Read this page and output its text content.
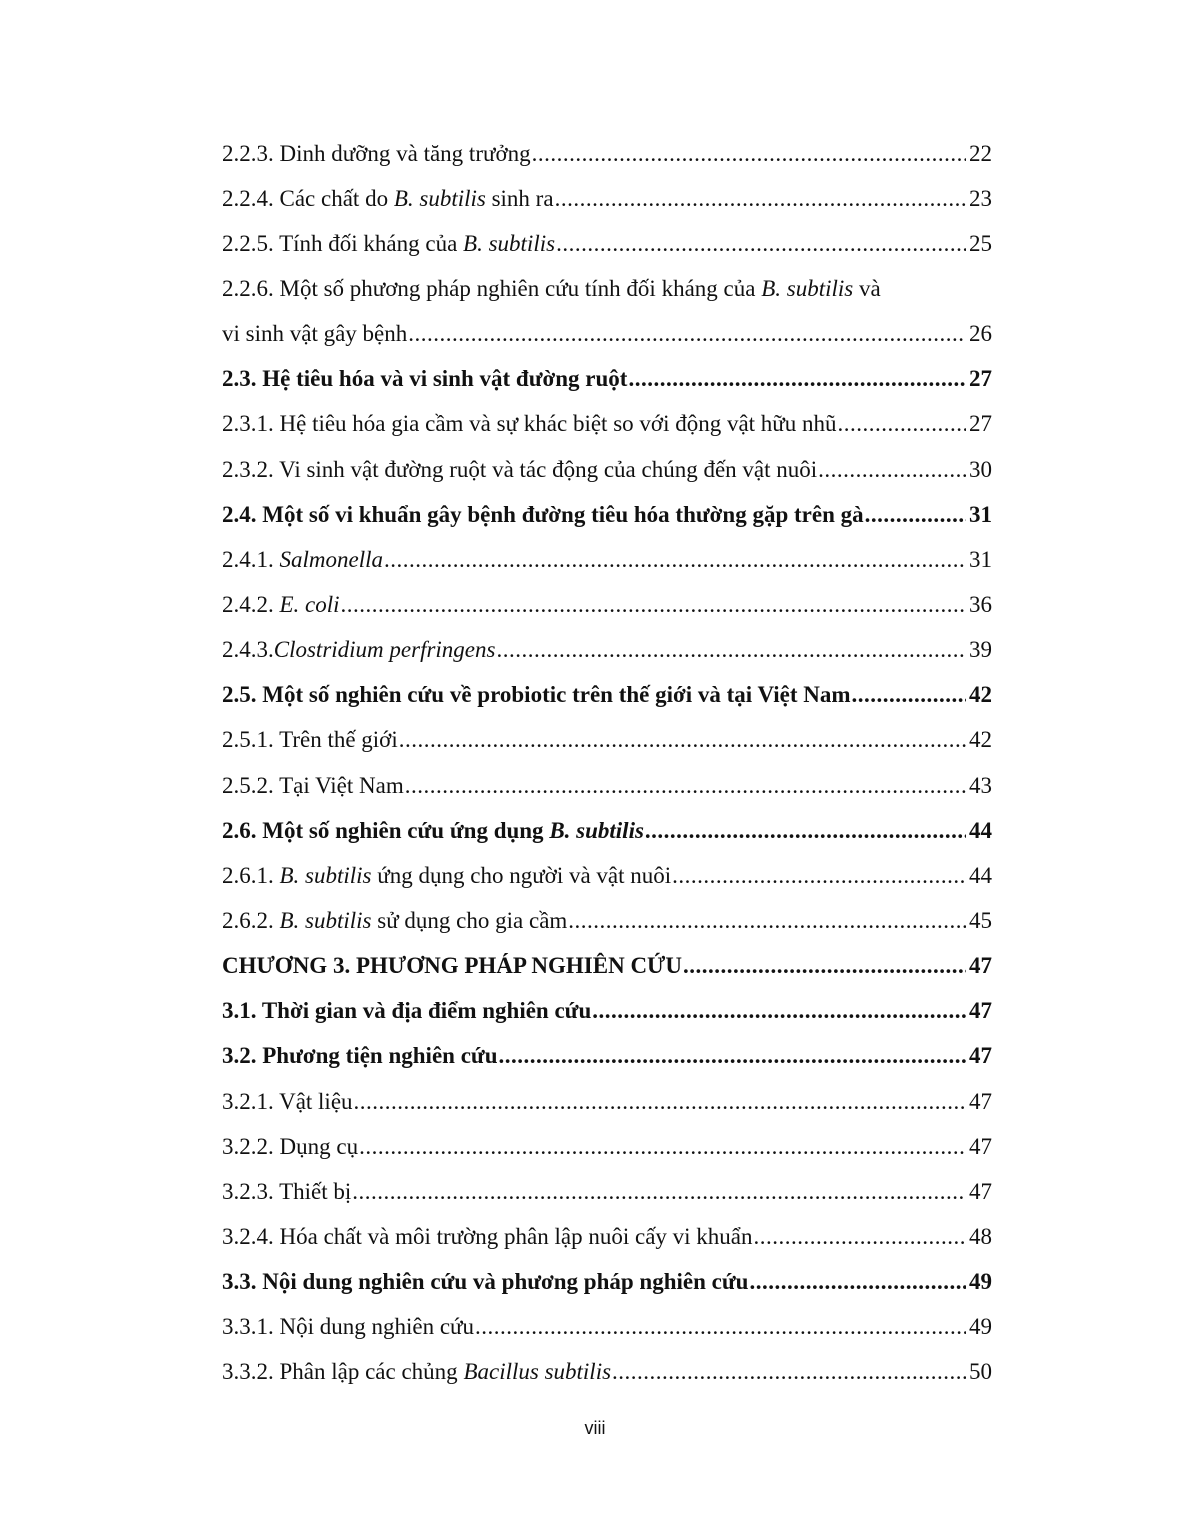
2.2.3. Dinh dưỡng và tăng trưởng .....	22
2.2.4. Các chất do B. subtilis sinh ra .....	23
2.2.5. Tính đối kháng của B. subtilis .....	25
2.2.6. Một số phương pháp nghiên cứu tính đối kháng của B. subtilis và
vi sinh vật gây bệnh .....	26
2.3. Hệ tiêu hóa và vi sinh vật đường ruột .....	27
2.3.1. Hệ tiêu hóa gia cầm và sự khác biệt so với động vật hữu nhũ .....	27
2.3.2. Vi sinh vật đường ruột và tác động của chúng đến vật nuôi .....	30
2.4. Một số vi khuẩn gây bệnh đường tiêu hóa thường gặp trên gà .....	31
2.4.1. Salmonella .....	31
2.4.2. E. coli .....	36
2.4.3.Clostridium perfringens .....	39
2.5. Một số nghiên cứu về probiotic trên thế giới và tại Việt Nam .....	42
2.5.1. Trên thế giới .....	42
2.5.2. Tại Việt Nam .....	43
2.6. Một số nghiên cứu ứng dụng B. subtilis .....	44
2.6.1. B. subtilis ứng dụng cho người và vật nuôi .....	44
2.6.2. B. subtilis sử dụng cho gia cầm .....	45
CHƯƠNG 3. PHƯƠNG PHÁP NGHIÊN CỨU .....	47
3.1. Thời gian và địa điểm nghiên cứu .....	47
3.2. Phương tiện nghiên cứu .....	47
3.2.1. Vật liệu .....	47
3.2.2. Dụng cụ .....	47
3.2.3. Thiết bị .....	47
3.2.4. Hóa chất và môi trường phân lập nuôi cấy vi khuẩn .....	48
3.3. Nội dung nghiên cứu và phương pháp nghiên cứu .....	49
3.3.1. Nội dung nghiên cứu .....	49
3.3.2. Phân lập các chủng Bacillus subtilis .....	50
viii
